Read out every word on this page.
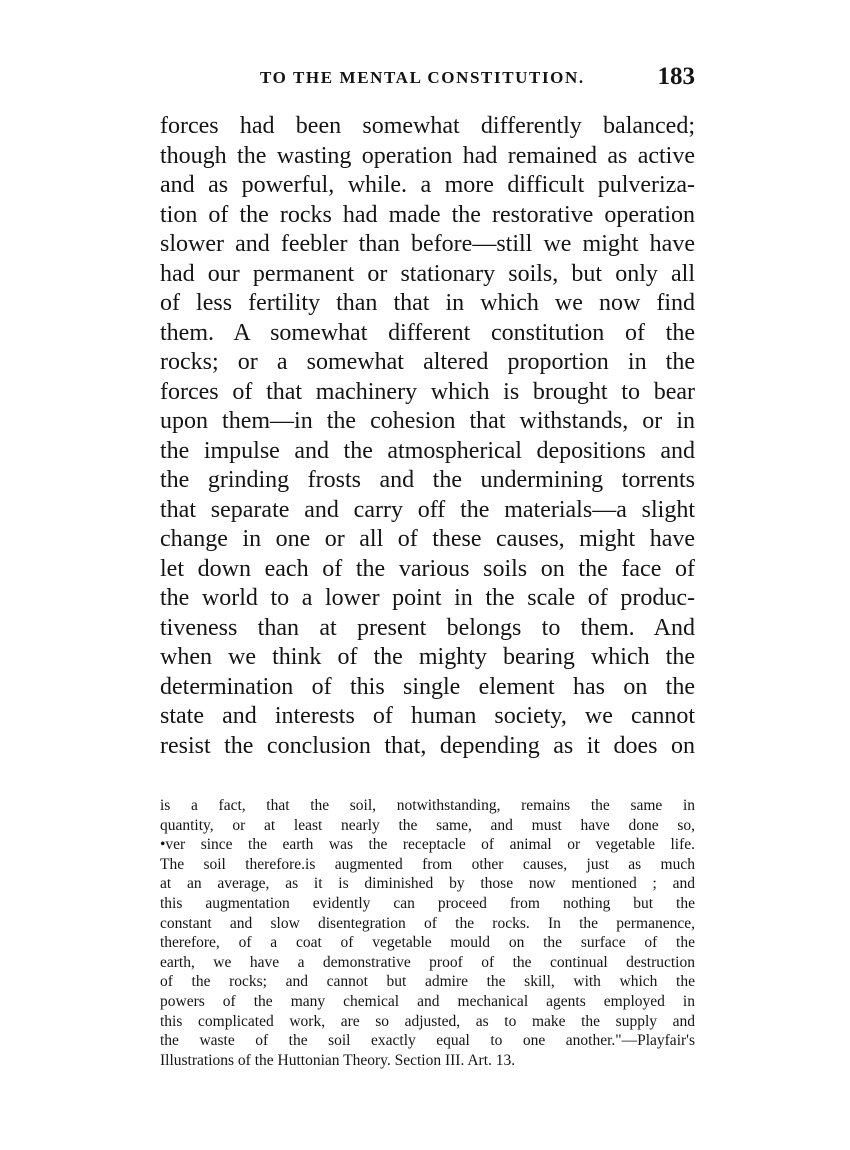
TO THE MENTAL CONSTITUTION.	183
forces had been somewhat differently balanced;
though the wasting operation had remained as active
and as powerful, while. a more difficult pulveriza-
tion of the rocks had made the restorative operation
slower and feebler than before—still we might have
had our permanent or stationary soils, but only all
of less fertility than that in which we now find
them. A somewhat different constitution of the
rocks; or a somewhat altered proportion in the
forces of that machinery which is brought to bear
upon them—in the cohesion that withstands, or in
the impulse and the atmospherical depositions and
the grinding frosts and the undermining torrents
that separate and carry off the materials—a slight
change in one or all of these causes, might have
let down each of the various soils on the face of
the world to a lower point in the scale of produc-
tiveness than at present belongs to them. And
when we think of the mighty bearing which the
determination of this single element has on the
state and interests of human society, we cannot
resist the conclusion that, depending as it does on
is a fact, that the soil, notwithstanding, remains the same in
quantity, or at least nearly the same, and must have done so,
•ver since the earth was the receptacle of animal or vegetable life.
The soil therefore.is augmented from other causes, just as much
at an average, as it is diminished by those now mentioned ; and
this augmentation evidently can proceed from nothing but the
constant and slow disentegration of the rocks. In the permanence,
therefore, of a coat of vegetable mould on the surface of the
earth, we have a demonstrative proof of the continual destruction
of the rocks; and cannot but admire the skill, with which the
powers of the many chemical and mechanical agents employed in
this complicated work, are so adjusted, as to make the supply and
the waste of the soil exactly equal to one another."—Playfair's
Illustrations of the Huttonian Theory. Section III. Art. 13.
